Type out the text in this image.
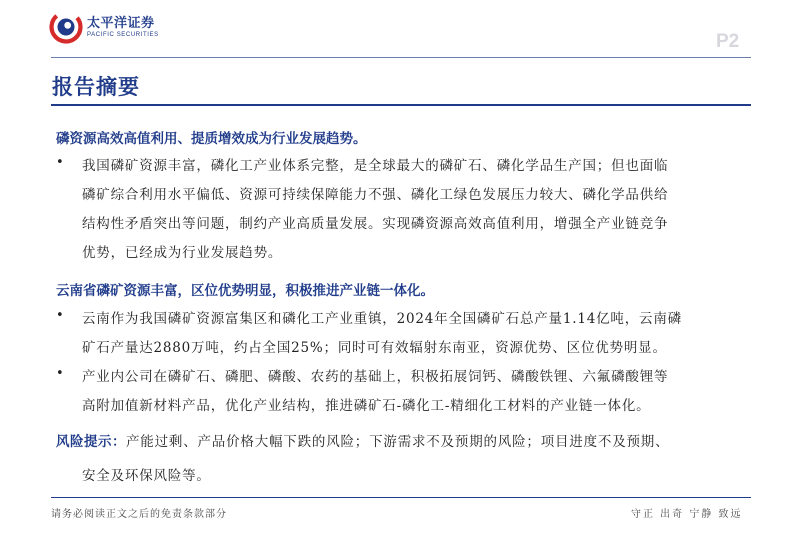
太平洋证券
PACIFIC SECURITIES	P2
报告摘要
磷资源高效高值利用、提质增效成为行业发展趋势。
• 我国磷矿资源丰富，磷化工产业体系完整，是全球最大的磷矿石、磷化学品生产国；但也面临
磷矿综合利用水平偏低、资源可持续保障能力不强、磷化工绿色发展压力较大、磷化学品供给
结构性矛盾突出等问题，制约产业高质量发展。实现磷资源高效高值利用，增强全产业链竞争
优势，已经成为行业发展趋势。
云南省磷矿资源丰富，区位优势明显，积极推进产业链一体化。
• 云南作为我国磷矿资源富集区和磷化工产业重镇，2024年全国磷矿石总产量1.14亿吨，云南磷
矿石产量达2880万吨，约占全国25%；同时可有效辐射东南亚，资源优势、区位优势明显。
• 产业内公司在磷矿石、磷肥、磷酸、农药的基础上，积极拓展饲钙、磷酸铁锂、六氟磷酸锂等
高附加值新材料产品，优化产业结构，推进磷矿石-磷化工-精细化工材料的产业链一体化。
风险提示：产能过剩、产品价格大幅下跌的风险；下游需求不及预期的风险；项目进度不及预期、
安全及环保风险等。
请务必阅读正文之后的免责条款部分	守正 出奇 宁静 致远
